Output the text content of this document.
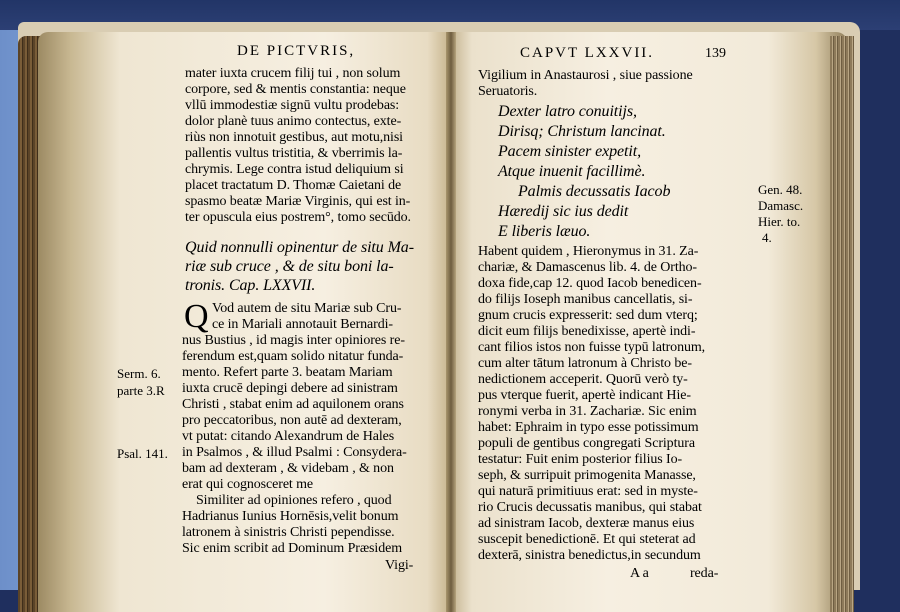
DE PICTVRIS,
mater iuxta crucem filij tui , non solum
corpore, sed & mentis constantia: neque
vllū immodestiæ signū vultu prodebas:
dolor planè tuus animo contectus, exte-
riùs non innotuit gestibus, aut motu,nisi
pallentis vultus tristitia, & vberrimis la-
chrymis. Lege contra istud deliquium si
placet tractatum D. Thomæ Caietani de
spasmo beatæ Mariæ Virginis, qui est in-
ter opuscula eius postrem°, tomo secūdo.
Quid nonnulli opinentur de situ Ma-
riæ sub cruce , & de situ boni la-
tronis. Cap. LXXVII.
Q Vod autem de situ Mariæ sub Cru-
ce in Mariali annotauit Bernardi-
nus Bustius , id magis inter opiniores re-
ferendum est,quam solido nitatur funda-
mento. Refert parte 3. beatam Mariam
iuxta crucē depingi debere ad sinistram
Christi , stabat enim ad aquilonem orans
pro peccatoribus, non autē ad dexteram,
vt putat: citando Alexandrum de Hales
in Psalmos , & illud Psalmi : Consydera-
bam ad dexteram , & videbam , & non
erat qui cognosceret me
Similiter ad opiniones refero , quod
Hadrianus Iunius Hornēsis,velit bonum
latronem à sinistris Christi pependisse.
Sic enim scribit ad Dominum Præsidem
Vigi-
Serm. 6.
parte 3.R
Psal. 141.
CAPVT LXXVII.	139
Vigilium in Anastaurosi , siue passione
Seruatoris.
Dexter latro conuitijs,
Dirisq; Christum lancinat.
Pacem sinister expetit,
Atque inuenit facillimè.
Palmis decussatis Iacob
Hæredij sic ius dedit
E liberis læuo.
Habent quidem , Hieronymus in 31. Za-
chariæ, & Damascenus lib. 4. de Ortho-
doxa fide,cap 12. quod Iacob benedicen-
do filijs Ioseph manibus cancellatis, si-
gnum crucis expresserit: sed dum vterq;
dicit eum filijs benedixisse, apertè indi-
cant filios istos non fuisse typū latronum,
cum alter tātum latronum à Christo be-
nedictionem acceperit. Quorū verò ty-
pus vterque fuerit, apertè indicant Hie-
ronymi verba in 31. Zachariæ. Sic enim
habet: Ephraim in typo esse potissimum
populi de gentibus congregati Scriptura
testatur: Fuit enim posterior filius Io-
seph, & surripuit primogenita Manasse,
qui naturā primitiuus erat: sed in myste-
rio Crucis decussatis manibus, qui stabat
ad sinistram Iacob, dexteræ manus eius
suscepit benedictionē. Et qui steterat ad
dexterā, sinistra benedictus,in secundum
A a	reda-
Gen. 48.
Damasc.
Hier. to.
4.
